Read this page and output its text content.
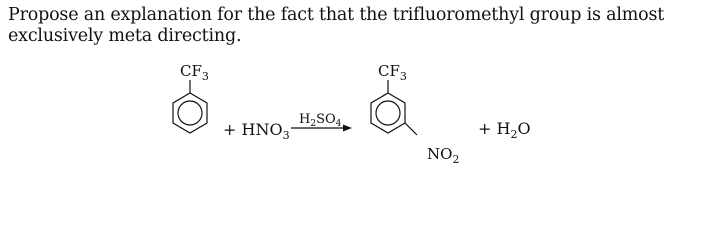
Propose an explanation for the fact that the trifluoromethyl group is almost exclusively meta directing.
$CF_3$
+ $HNO_3$
$H_2SO_4$
$CF_3$
$NO_2$
+ $H_2O$
